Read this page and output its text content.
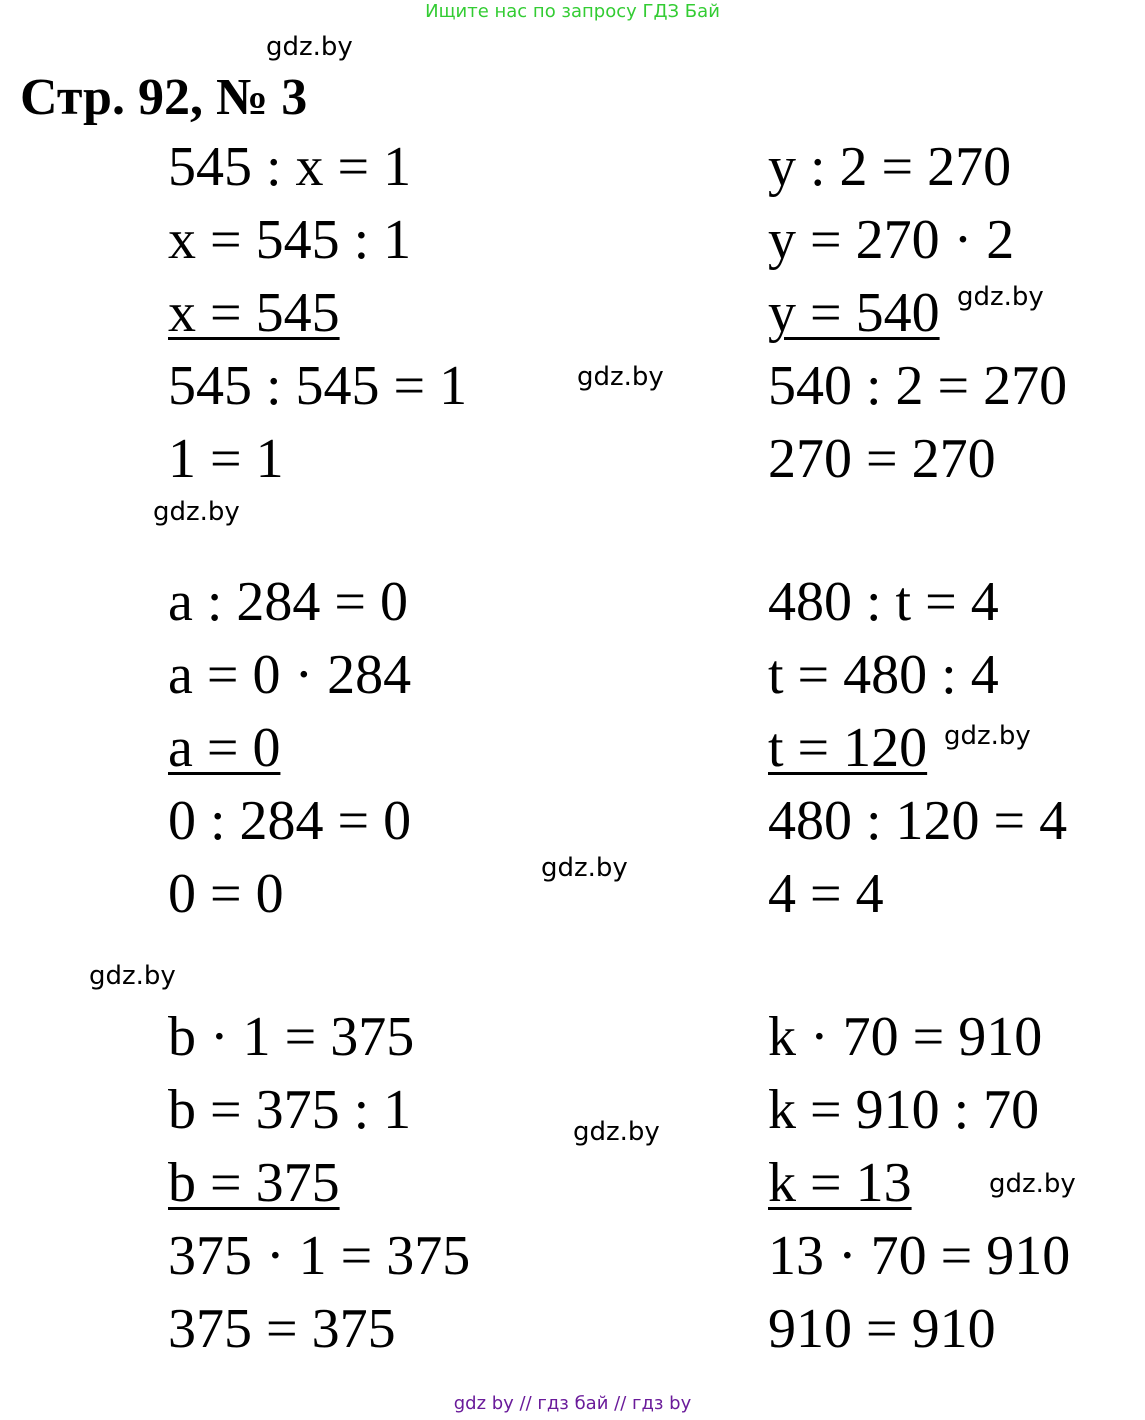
Ищите нас по запросу ГДЗ Бай
gdz.by
Стр. 92, № 3
545 : x = 1
x = 545 : 1
x = 545
545 : 545 = 1
1 = 1
y : 2 = 270
y = 270 · 2
y = 540
540 : 2 = 270
270 = 270
gdz.by
gdz.by
gdz.by
a : 284 = 0
a = 0 · 284
a = 0
0 : 284 = 0
0 = 0
480 : t = 4
t = 480 : 4
t = 120
480 : 120 = 4
4 = 4
gdz.by
gdz.by
gdz.by
b · 1 = 375
b = 375 : 1
b = 375
375 · 1 = 375
375 = 375
k · 70 = 910
k = 910 : 70
k = 13
13 · 70 = 910
910 = 910
gdz.by
gdz.by
gdz by // гдз бай // гдз by
